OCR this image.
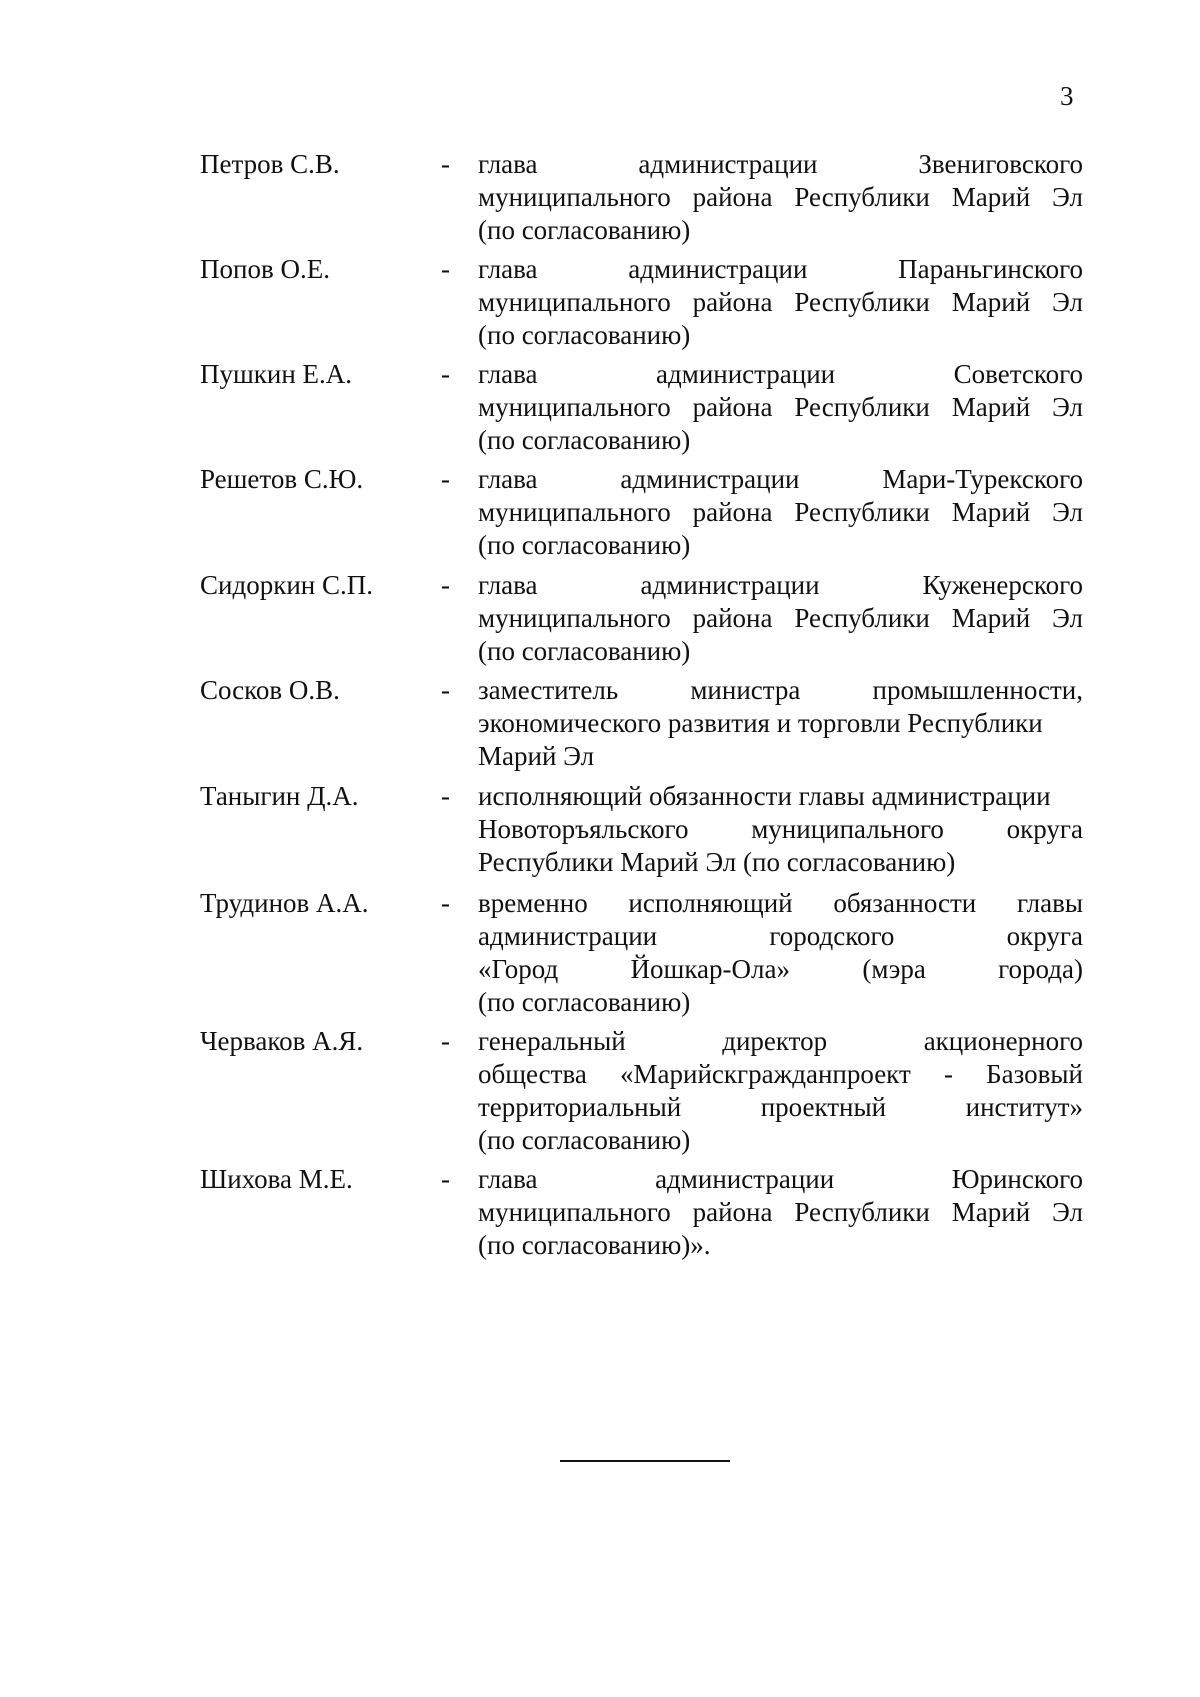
3
Петров С.В.	- глава	администрации	Звениговского
муниципального района Республики Марий Эл
(по согласованию)
Попов О.Е.	- глава	администрации	Параньгинского
муниципального района Республики Марий Эл
(по согласованию)
Пушкин Е.А.	- глава	администрации	Советского
муниципального района Республики Марий Эл
(по согласованию)
Решетов С.Ю.	- глава	администрации	Мари-Турекского
муниципального района Республики Марий Эл
(по согласованию)
Сидоркин С.П.	- глава	администрации	Куженерского
муниципального района Республики Марий Эл
(по согласованию)
Сосков О.В.	- заместитель	министра	промышленности,
экономического развития и торговли Республики
Марий Эл
Таныгин Д.А.	- исполняющий обязанности главы администрации
Новоторъяльского муниципального округа
Республики Марий Эл (по согласованию)
Трудинов А.А.	- временно исполняющий обязанности главы
администрации	городского	округа
«Город	Йошкар-Ола»	(мэра	города)
(по согласованию)
Черваков А.Я.	- генеральный	директор	акционерного
общества «Марийскгражданпроект - Базовый
территориальный	проектный	институт»
(по согласованию)
Шихова М.Е.	- глава	администрации	Юринского
муниципального района Республики Марий Эл
(по согласованию)».
